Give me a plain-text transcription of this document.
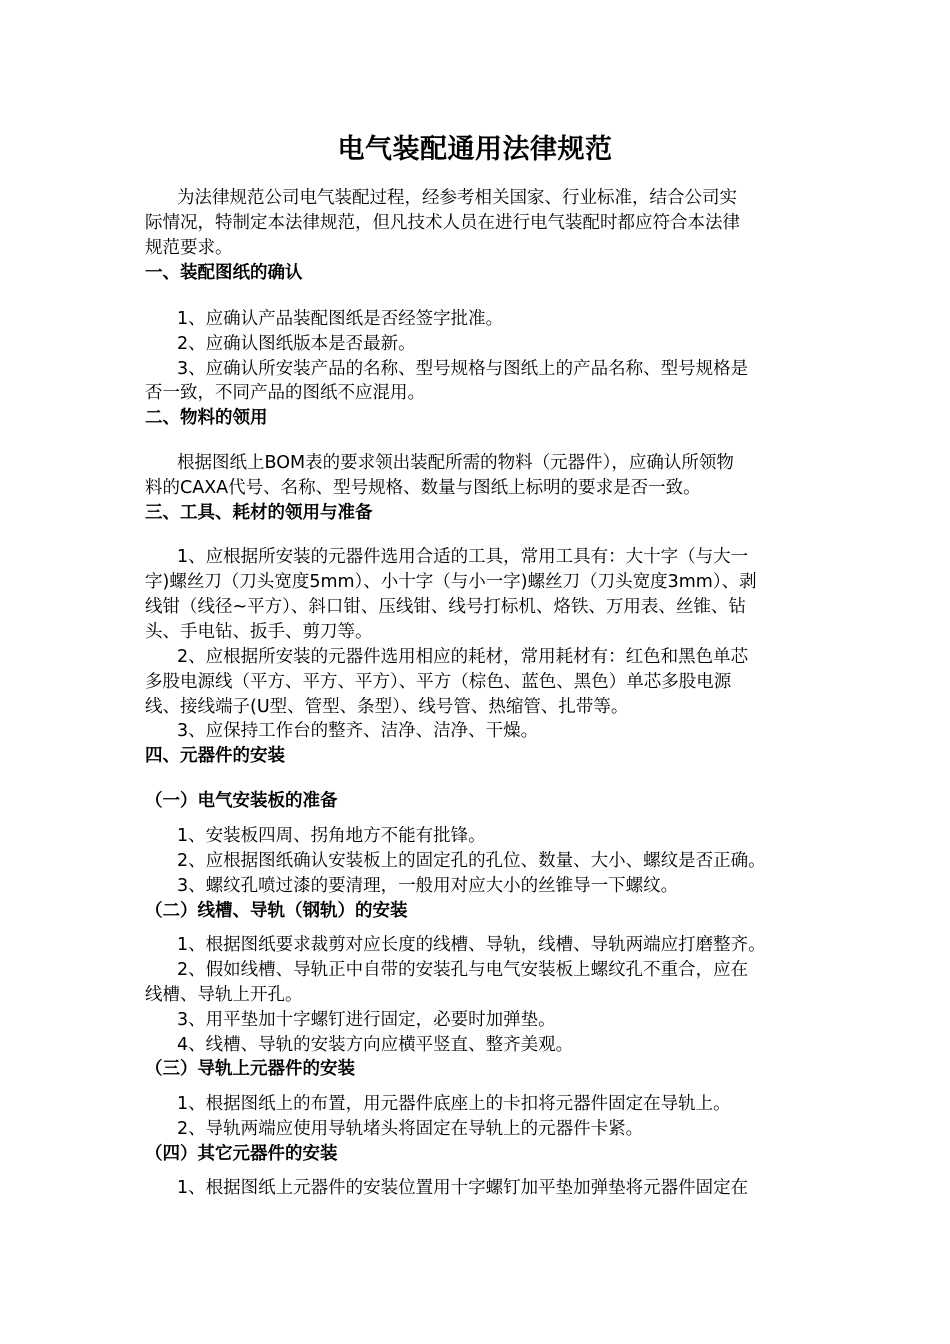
电气装配通用法律规范
为法律规范公司电气装配过程，经参考相关国家、行业标准，结合公司实
际情况，特制定本法律规范，但凡技术人员在进行电气装配时都应符合本法律
规范要求。
一、装配图纸的确认
1、应确认产品装配图纸是否经签字批准。
2、应确认图纸版本是否最新。
3、应确认所安装产品的名称、型号规格与图纸上的产品名称、型号规格是
否一致，不同产品的图纸不应混用。
二、物料的领用
根据图纸上BOM表的要求领出装配所需的物料（元器件），应确认所领物
料的CAXA代号、名称、型号规格、数量与图纸上标明的要求是否一致。
三、工具、耗材的领用与准备
1、应根据所安装的元器件选用合适的工具，常用工具有：大十字（与大一
字)螺丝刀（刀头宽度5mm）、小十字（与小一字)螺丝刀（刀头宽度3mm）、剥
线钳（线径~平方）、斜口钳、压线钳、线号打标机、烙铁、万用表、丝锥、钻
头、手电钻、扳手、剪刀等。
2、应根据所安装的元器件选用相应的耗材，常用耗材有：红色和黑色单芯
多股电源线（平方、平方、平方）、平方（棕色、蓝色、黑色）单芯多股电源
线、接线端子(U型、管型、条型）、线号管、热缩管、扎带等。
3、应保持工作台的整齐、洁净、洁净、干燥。
四、元器件的安装
（一）电气安装板的准备
1、安装板四周、拐角地方不能有批锋。
2、应根据图纸确认安装板上的固定孔的孔位、数量、大小、螺纹是否正确。
3、螺纹孔喷过漆的要清理，一般用对应大小的丝锥导一下螺纹。
（二）线槽、导轨（钢轨）的安装
1、根据图纸要求裁剪对应长度的线槽、导轨，线槽、导轨两端应打磨整齐。
2、假如线槽、导轨正中自带的安装孔与电气安装板上螺纹孔不重合，应在
线槽、导轨上开孔。
3、用平垫加十字螺钉进行固定，必要时加弹垫。
4、线槽、导轨的安装方向应横平竖直、整齐美观。
（三）导轨上元器件的安装
1、根据图纸上的布置，用元器件底座上的卡扣将元器件固定在导轨上。
2、导轨两端应使用导轨堵头将固定在导轨上的元器件卡紧。
（四）其它元器件的安装
1、根据图纸上元器件的安装位置用十字螺钉加平垫加弹垫将元器件固定在
